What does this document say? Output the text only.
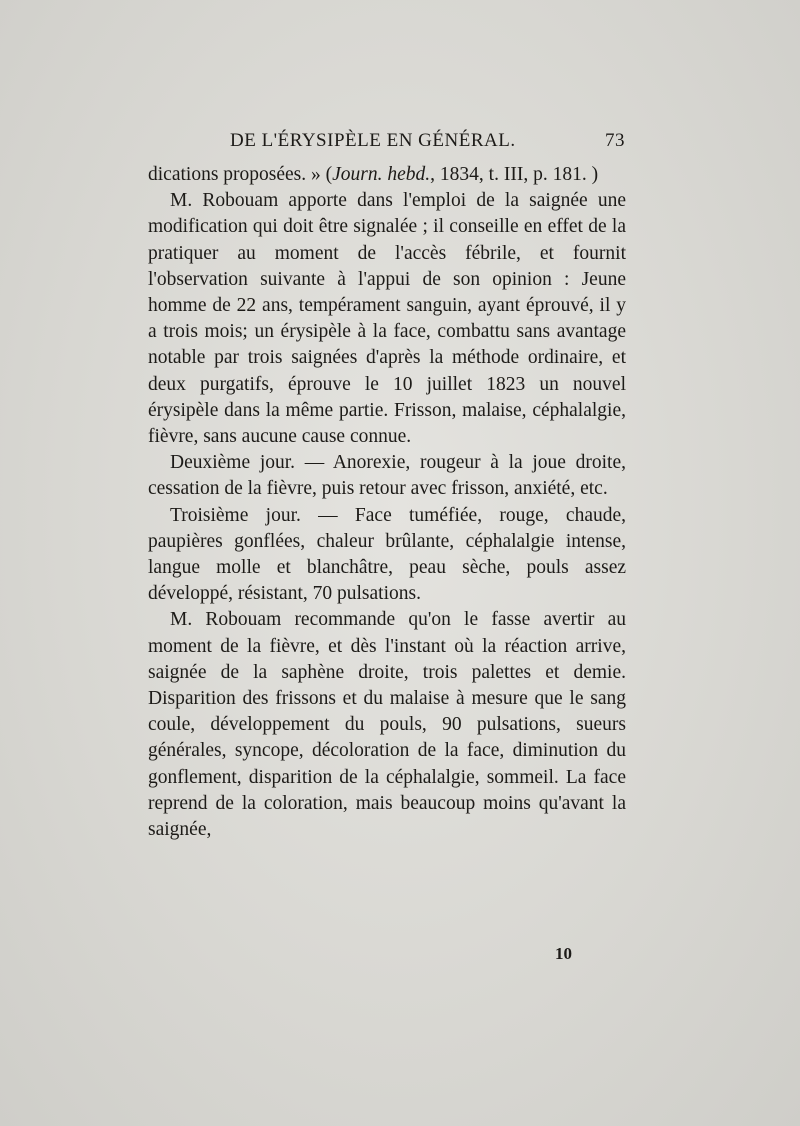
DE L'ÉRYSIPÈLE EN GÉNÉRAL.	73

dications proposées. » (Journ. hebd., 1834, t. III, p. 181. )

M. Robouam apporte dans l'emploi de la saignée une modification qui doit être signalée ; il conseille en effet de la pratiquer au moment de l'accès fébrile, et fournit l'observation suivante à l'appui de son opinion : Jeune homme de 22 ans, tempérament sanguin, ayant éprouvé, il y a trois mois; un érysipèle à la face, combattu sans avantage notable par trois saignées d'après la méthode ordinaire, et deux purgatifs, éprouve le 10 juillet 1823 un nouvel érysipèle dans la même partie. Frisson, malaise, céphalalgie, fièvre, sans aucune cause connue.

Deuxième jour. — Anorexie, rougeur à la joue droite, cessation de la fièvre, puis retour avec frisson, anxiété, etc.

Troisième jour. — Face tuméfiée, rouge, chaude, paupières gonflées, chaleur brûlante, céphalalgie intense, langue molle et blanchâtre, peau sèche, pouls assez développé, résistant, 70 pulsations.

M. Robouam recommande qu'on le fasse avertir au moment de la fièvre, et dès l'instant où la réaction arrive, saignée de la saphène droite, trois palettes et demie. Disparition des frissons et du malaise à mesure que le sang coule, développement du pouls, 90 pulsations, sueurs générales, syncope, décoloration de la face, diminution du gonflement, disparition de la céphalalgie, sommeil. La face reprend de la coloration, mais beaucoup moins qu'avant la saignée,

10
